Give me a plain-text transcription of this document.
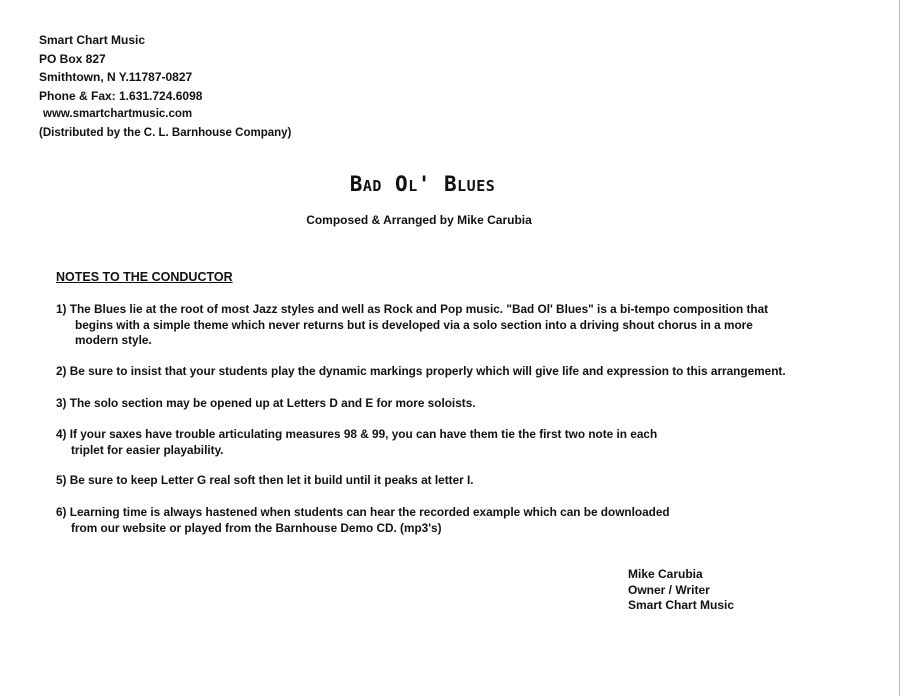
Smart Chart Music
PO Box 827
Smithtown, N Y.11787-0827
Phone & Fax: 1.631.724.6098
www.smartchartmusic.com
(Distributed by the C. L. Barnhouse Company)
Bad Ol' Blues
Composed & Arranged by Mike Carubia
NOTES TO THE CONDUCTOR
1) The Blues lie at the root of most Jazz styles and well as Rock and Pop music. "Bad Ol' Blues" is a bi-tempo composition that
begins with a simple theme which never returns but is developed via a solo section into a driving shout chorus in a more
modern style.
2) Be sure to insist that your students play the dynamic markings properly which will give life and expression to this arrangement.
3) The solo section may be opened up at Letters D and E for more soloists.
4) If your saxes have trouble articulating measures 98 & 99, you can have them tie the first two note in each
triplet for easier playability.
5) Be sure to keep Letter G real soft then let it build until it peaks at letter I.
6) Learning time is always hastened when students can hear the recorded example which can be downloaded
from our website or played from the Barnhouse Demo CD. (mp3's)
Mike Carubia
Owner / Writer
Smart Chart Music
